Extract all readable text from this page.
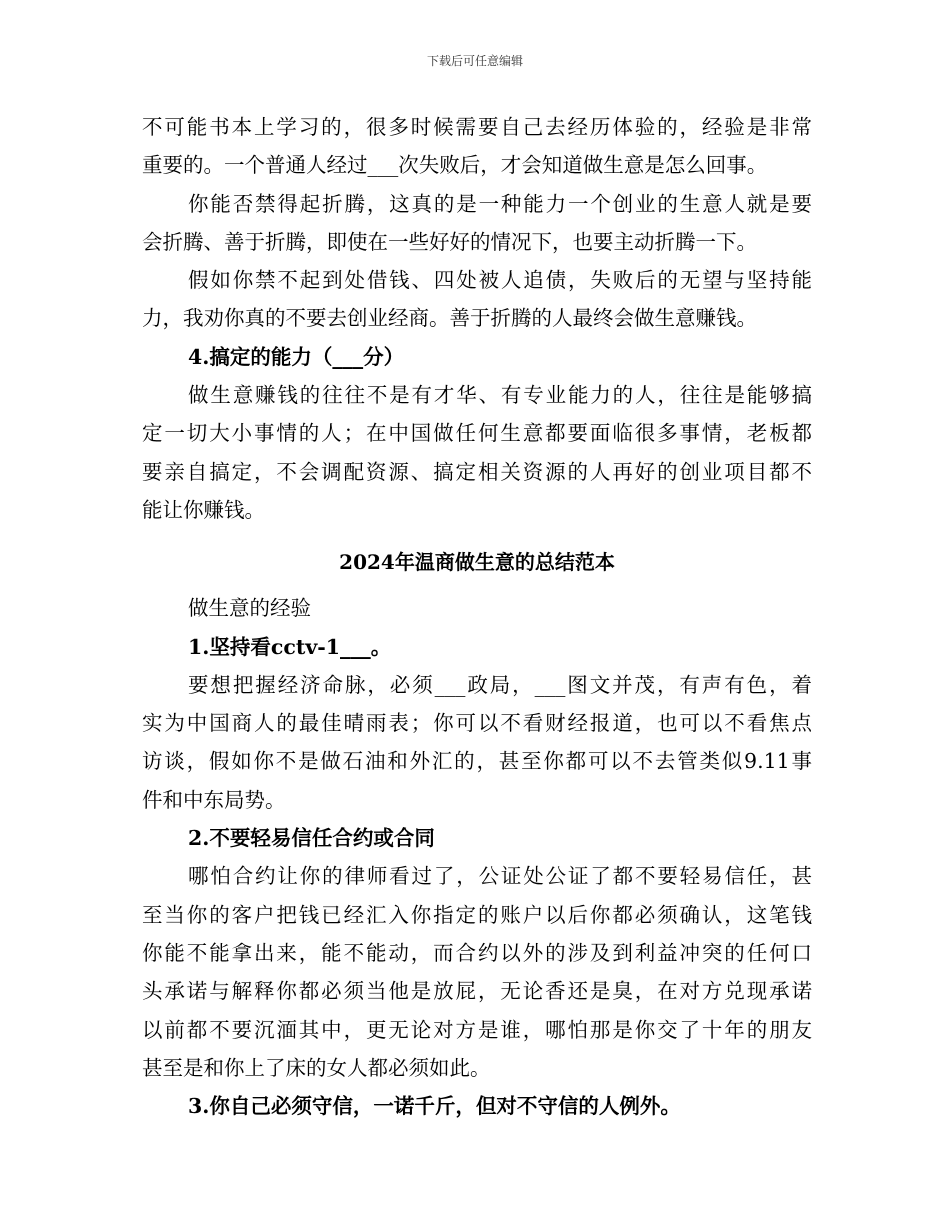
下载后可任意编辑
不可能书本上学习的，很多时候需要自己去经历体验的，经验是非常
重要的。一个普通人经过___次失败后，才会知道做生意是怎么回事。
你能否禁得起折腾，这真的是一种能力一个创业的生意人就是要
会折腾、善于折腾，即使在一些好好的情况下，也要主动折腾一下。
假如你禁不起到处借钱、四处被人追债，失败后的无望与坚持能
力，我劝你真的不要去创业经商。善于折腾的人最终会做生意赚钱。
4.搞定的能力（___分）
做生意赚钱的往往不是有才华、有专业能力的人，往往是能够搞
定一切大小事情的人；在中国做任何生意都要面临很多事情，老板都
要亲自搞定，不会调配资源、搞定相关资源的人再好的创业项目都不
能让你赚钱。
2024年温商做生意的总结范本
做生意的经验
1.坚持看cctv-1___。
要想把握经济命脉，必须___政局，___图文并茂，有声有色，着
实为中国商人的最佳晴雨表；你可以不看财经报道，也可以不看焦点
访谈，假如你不是做石油和外汇的，甚至你都可以不去管类似9.11事
件和中东局势。
2.不要轻易信任合约或合同
哪怕合约让你的律师看过了，公证处公证了都不要轻易信任，甚
至当你的客户把钱已经汇入你指定的账户以后你都必须确认，这笔钱
你能不能拿出来，能不能动，而合约以外的涉及到利益冲突的任何口
头承诺与解释你都必须当他是放屁，无论香还是臭，在对方兑现承诺
以前都不要沉湎其中，更无论对方是谁，哪怕那是你交了十年的朋友
甚至是和你上了床的女人都必须如此。
3.你自己必须守信，一诺千斤，但对不守信的人例外。
